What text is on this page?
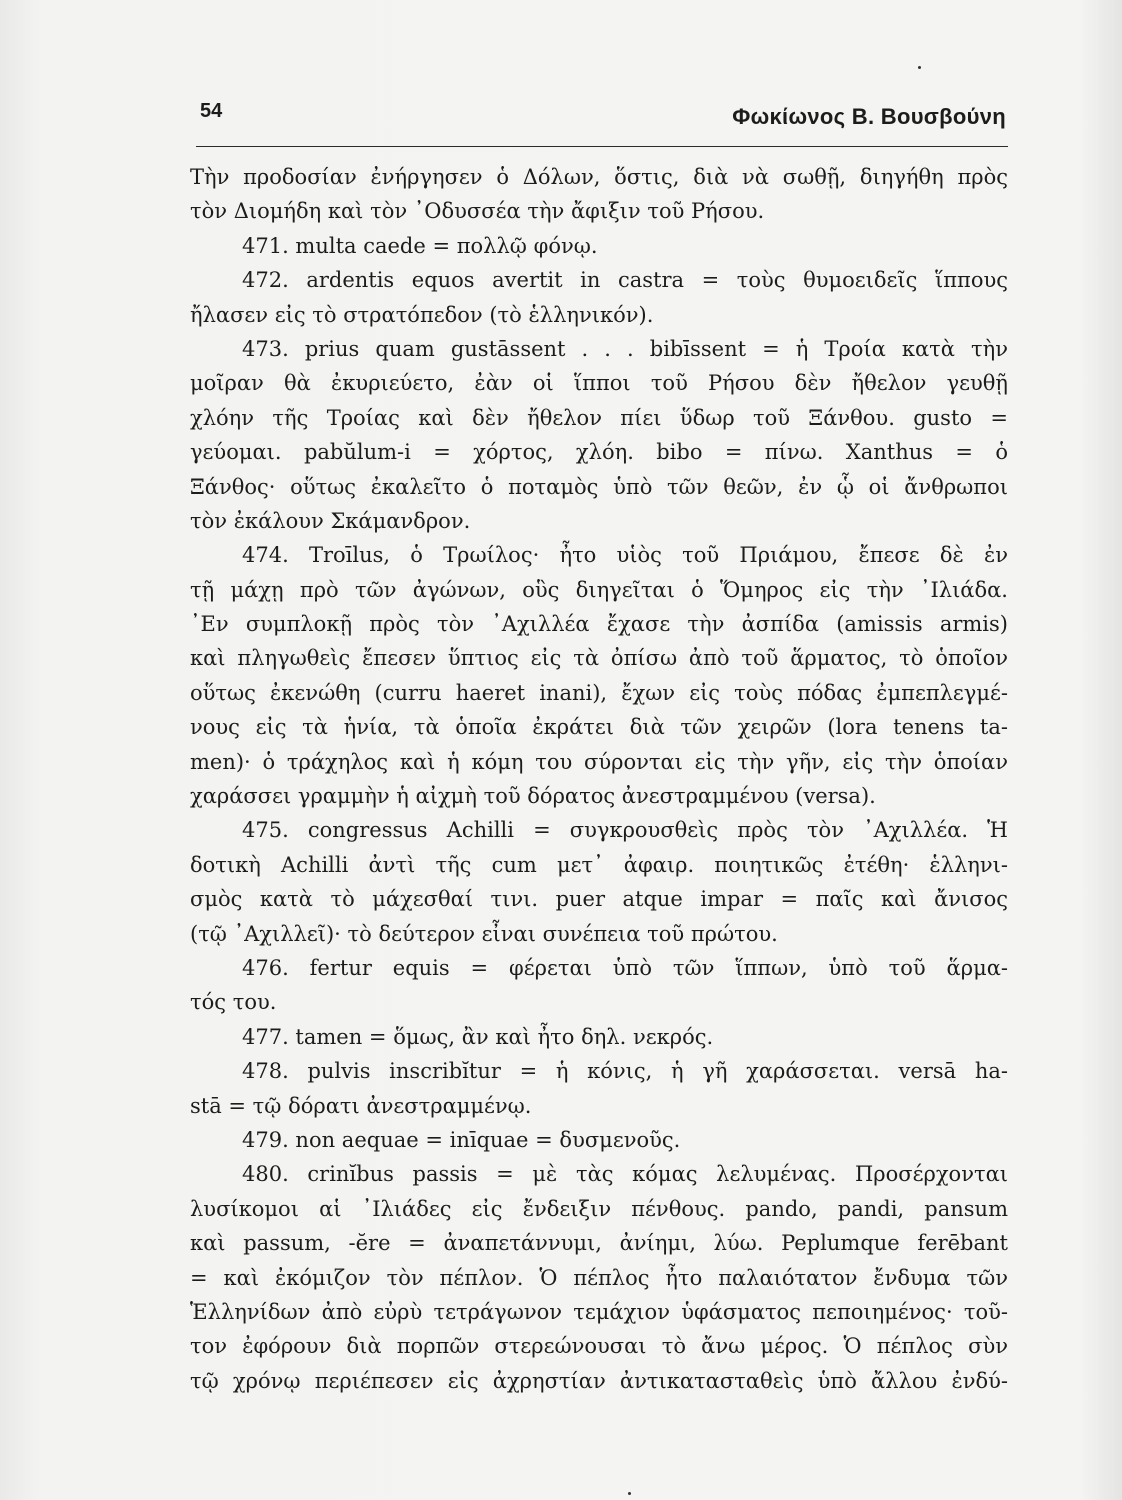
54	Φωκίωνος Β. Βουσβούνη
Τὴν προδοσίαν ἐνήργησεν ὁ Δόλων, ὅστις, διὰ νὰ σωθῇ, διηγήθη πρὸς
τὸν Διομήδη καὶ τὸν ᾿Οδυσσέα τὴν ἄφιξιν τοῦ Ρήσου.
471. multa caede = πολλῷ φόνῳ.
472. ardentis equos avertit in castra = τοὺς θυμοειδεῖς ἵππους
ἤλασεν εἰς τὸ στρατόπεδον (τὸ ἑλληνικόν).
473. prius quam gustāssent . . . bibīssent = ἡ Τροία κατὰ τὴν
μοῖραν θὰ ἐκυριεύετο, ἐὰν οἱ ἵπποι τοῦ Ρήσου δὲν ἤθελον γευθῇ
χλόην τῆς Τροίας καὶ δὲν ἤθελον πίει ὕδωρ τοῦ Ξάνθου. gusto =
γεύομαι. pabŭlum-i = χόρτος, χλόη. bibo = πίνω. Xanthus = ὁ
Ξάνθος· οὕτως ἐκαλεῖτο ὁ ποταμὸς ὑπὸ τῶν θεῶν, ἐν ᾧ οἱ ἄνθρωποι
τὸν ἐκάλουν Σκάμανδρον.
474. Troīlus, ὁ Τρωίλος· ἦτο υἱὸς τοῦ Πριάμου, ἔπεσε δὲ ἐν
τῇ μάχῃ πρὸ τῶν ἀγώνων, οὓς διηγεῖται ὁ Ὅμηρος εἰς τὴν ᾿Ιλιάδα.
᾿Εν συμπλοκῇ πρὸς τὸν ᾿Αχιλλέα ἔχασε τὴν ἀσπίδα (amissis armis)
καὶ πληγωθεὶς ἔπεσεν ὕπτιος εἰς τὰ ὀπίσω ἀπὸ τοῦ ἅρματος, τὸ ὁποῖον
οὕτως ἐκενώθη (curru haeret inani), ἔχων εἰς τοὺς πόδας ἐμπεπλεγμέ-
νους εἰς τὰ ἡνία, τὰ ὁποῖα ἐκράτει διὰ τῶν χειρῶν (lora tenens ta-
men)· ὁ τράχηλος καὶ ἡ κόμη του σύρονται εἰς τὴν γῆν, εἰς τὴν ὁποίαν
χαράσσει γραμμὴν ἡ αἰχμὴ τοῦ δόρατος ἀνεστραμμένου (versa).
475. congressus Achilli = συγκρουσθεὶς πρὸς τὸν ᾿Αχιλλέα. Ἡ
δοτικὴ Achilli ἀντὶ τῆς cum μετ᾿ ἀφαιρ. ποιητικῶς ἐτέθη· ἑλληνι-
σμὸς κατὰ τὸ μάχεσθαί τινι. puer atque impar = παῖς καὶ ἄνισος
(τῷ ᾿Αχιλλεῖ)· τὸ δεύτερον εἶναι συνέπεια τοῦ πρώτου.
476. fertur equis = φέρεται ὑπὸ τῶν ἵππων, ὑπὸ τοῦ ἅρμα-
τός του.
477. tamen = ὅμως, ἂν καὶ ἦτο δηλ. νεκρός.
478. pulvis inscribĭtur = ἡ κόνις, ἡ γῆ χαράσσεται. versā ha-
stā = τῷ δόρατι ἀνεστραμμένῳ.
479. non aequae = inīquae = δυσμενοῦς.
480. crinĭbus passis = μὲ τὰς κόμας λελυμένας. Προσέρχονται
λυσίκομοι αἱ ᾿Ιλιάδες εἰς ἔνδειξιν πένθους. pando, pandi, pansum
καὶ passum, -ĕre = ἀναπετάννυμι, ἀνίημι, λύω. Peplumque ferēbant
= καὶ ἐκόμιζον τὸν πέπλον. Ὁ πέπλος ἦτο παλαιότατον ἔνδυμα τῶν
Ἑλληνίδων ἀπὸ εὐρὺ τετράγωνον τεμάχιον ὑφάσματος πεποιημένος· τοῦ-
τον ἐφόρουν διὰ πορπῶν στερεώνουσαι τὸ ἄνω μέρος. Ὁ πέπλος σὺν
τῷ χρόνῳ περιέπεσεν εἰς ἀχρηστίαν ἀντικατασταθεὶς ὑπὸ ἄλλου ἐνδύ-
